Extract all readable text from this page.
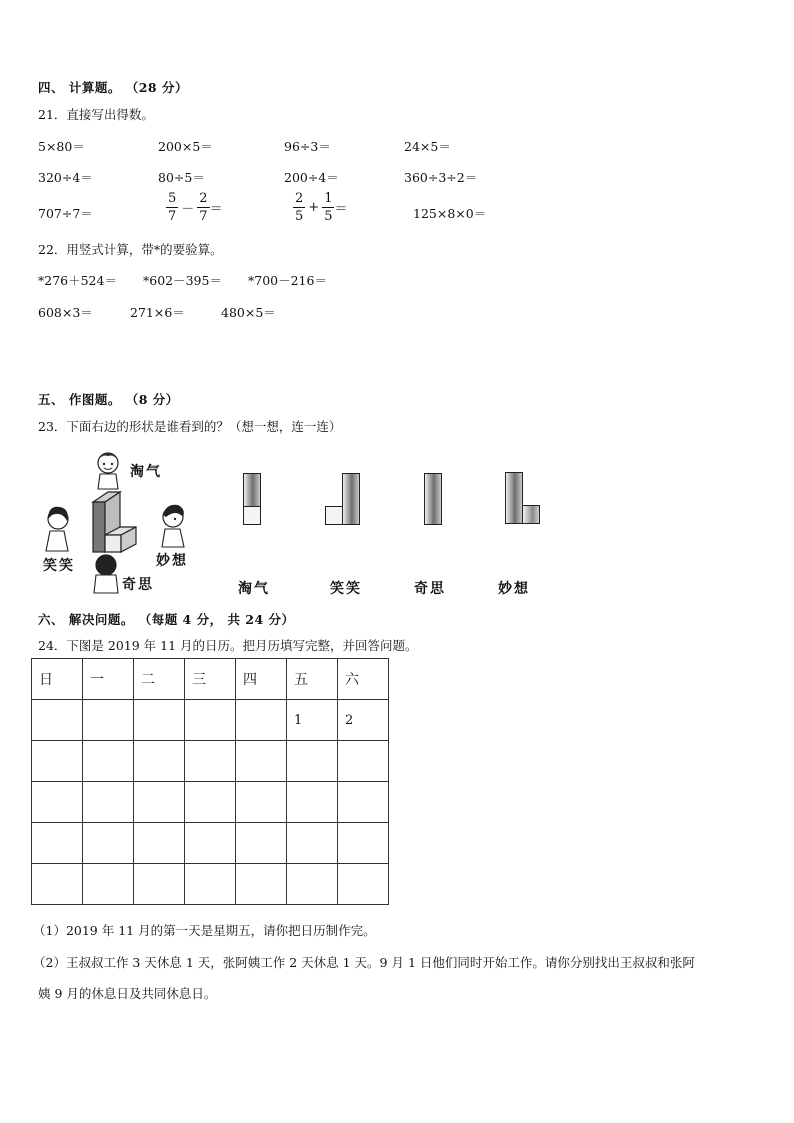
四、 计算题。 （28 分）
21．直接写出得数。
5×80＝	200×5＝	96÷3＝	24×5＝
320÷4＝	80÷5＝	200÷4＝	360÷3÷2＝
707÷7＝	$\frac{5}{7} - \frac{2}{7}$ ＝	$\frac{2}{5} + \frac{1}{5}$ ＝	125×8×0＝
22．用竖式计算，带*的要验算。
*276＋524＝ *602－395＝ *700－216＝
608×3＝	271×6＝	480×5＝
五、 作图题。 （8 分）
23．下面右边的形状是谁看到的？（想一想，连一连）
淘气
笑笑	妙想
奇思	淘气	笑笑	奇思	妙想
六、 解决问题。 （每题 4 分， 共 24 分）
24．下图是 2019 年 11 月的日历。把月历填写完整，并回答问题。
日	一	二	三	四	五	六
					1	2

（1）2019 年 11 月的第一天是星期五，请你把日历制作完。
（2）王叔叔工作 3 天休息 1 天，张阿姨工作 2 天休息 1 天。9 月 1 日他们同时开始工作。请你分别找出王叔叔和张阿
姨 9 月的休息日及共同休息日。
